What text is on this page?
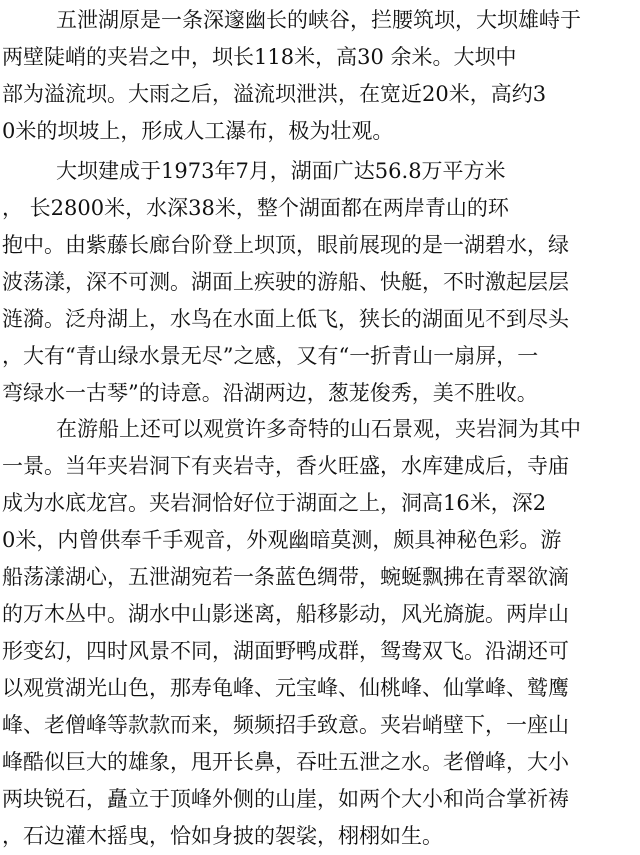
五泄湖原是一条深邃幽长的峡谷，拦腰筑坝，大坝雄峙于
两壁陡峭的夹岩之中，坝长118米，高30 余米。大坝中
部为溢流坝。大雨之后，溢流坝泄洪，在宽近20米，高约3
0米的坝坡上，形成人工瀑布，极为壮观。
大坝建成于1973年7月，湖面广达56.8万平方米
， 长2800米，水深38米，整个湖面都在两岸青山的环
抱中。由紫藤长廊台阶登上坝顶，眼前展现的是一湖碧水，绿
波荡漾，深不可测。湖面上疾驶的游船、快艇，不时激起层层
涟漪。泛舟湖上，水鸟在水面上低飞，狭长的湖面见不到尽头
，大有“青山绿水景无尽”之感，又有“一折青山一扇屏，一
弯绿水一古琴”的诗意。沿湖两边，葱茏俊秀，美不胜收。
在游船上还可以观赏许多奇特的山石景观，夹岩洞为其中
一景。当年夹岩洞下有夹岩寺，香火旺盛，水库建成后，寺庙
成为水底龙宫。夹岩洞恰好位于湖面之上，洞高16米，深2
0米，内曾供奉千手观音，外观幽暗莫测，颇具神秘色彩。游
船荡漾湖心，五泄湖宛若一条蓝色绸带，蜿蜒飘拂在青翠欲滴
的万木丛中。湖水中山影迷离，船移影动，风光旖旎。两岸山
形变幻，四时风景不同，湖面野鸭成群，鸳鸯双飞。沿湖还可
以观赏湖光山色，那寿龟峰、元宝峰、仙桃峰、仙掌峰、鹫鹰
峰、老僧峰等款款而来，频频招手致意。夹岩峭壁下，一座山
峰酷似巨大的雄象，甩开长鼻，吞吐五泄之水。老僧峰，大小
两块锐石，矗立于顶峰外侧的山崖，如两个大小和尚合掌祈祷
，石边灌木摇曳，恰如身披的袈裟，栩栩如生。
